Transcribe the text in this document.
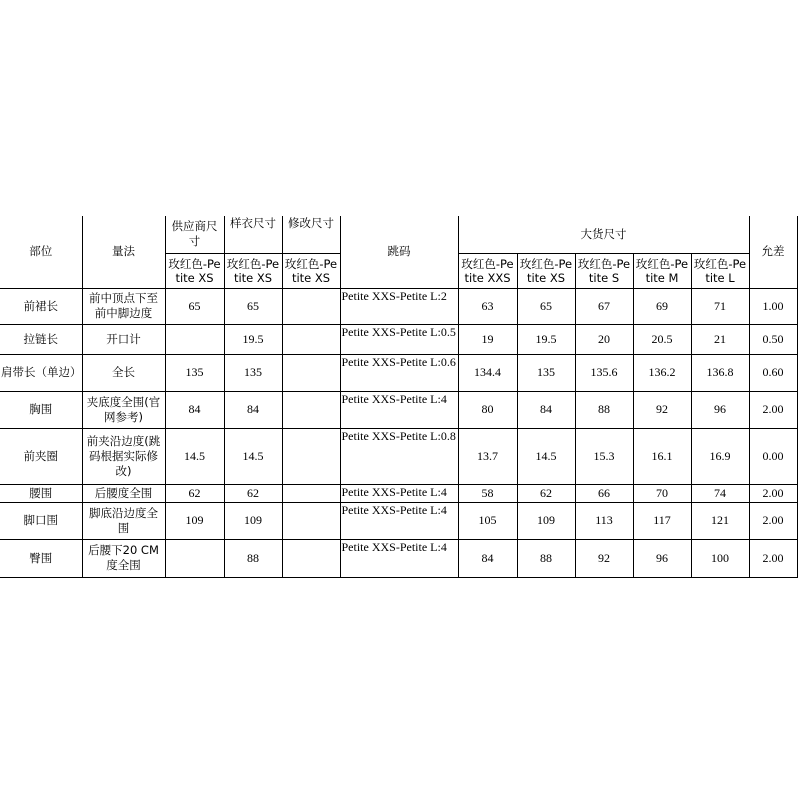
部位	量法	供应商尺寸	样衣尺寸	修改尺寸	跳码	大货尺寸					允差
		玫红色-Petite XS	玫红色-Petite XS	玫红色-Petite XS		玫红色-Petite XXS	玫红色-Petite XS	玫红色-Petite S	玫红色-Petite M	玫红色-Petite L	
前裙长	前中顶点下至前中脚边度	65	65		Petite XXS-Petite L:2	63	65	67	69	71	1.00
拉链长	开口计		19.5		Petite XXS-Petite L:0.5	19	19.5	20	20.5	21	0.50
肩带长（单边）	全长	135	135		Petite XXS-Petite L:0.6	134.4	135	135.6	136.2	136.8	0.60
胸围	夹底度全围(官网参考)	84	84		Petite XXS-Petite L:4	80	84	88	92	96	2.00
前夹圈	前夹沿边度(跳码根据实际修改)	14.5	14.5		Petite XXS-Petite L:0.8	13.7	14.5	15.3	16.1	16.9	0.00
腰围	后腰度全围	62	62		Petite XXS-Petite L:4	58	62	66	70	74	2.00
脚口围	脚底沿边度全围	109	109		Petite XXS-Petite L:4	105	109	113	117	121	2.00
臀围	后腰下20 CM度全围		88		Petite XXS-Petite L:4	84	88	92	96	100	2.00
